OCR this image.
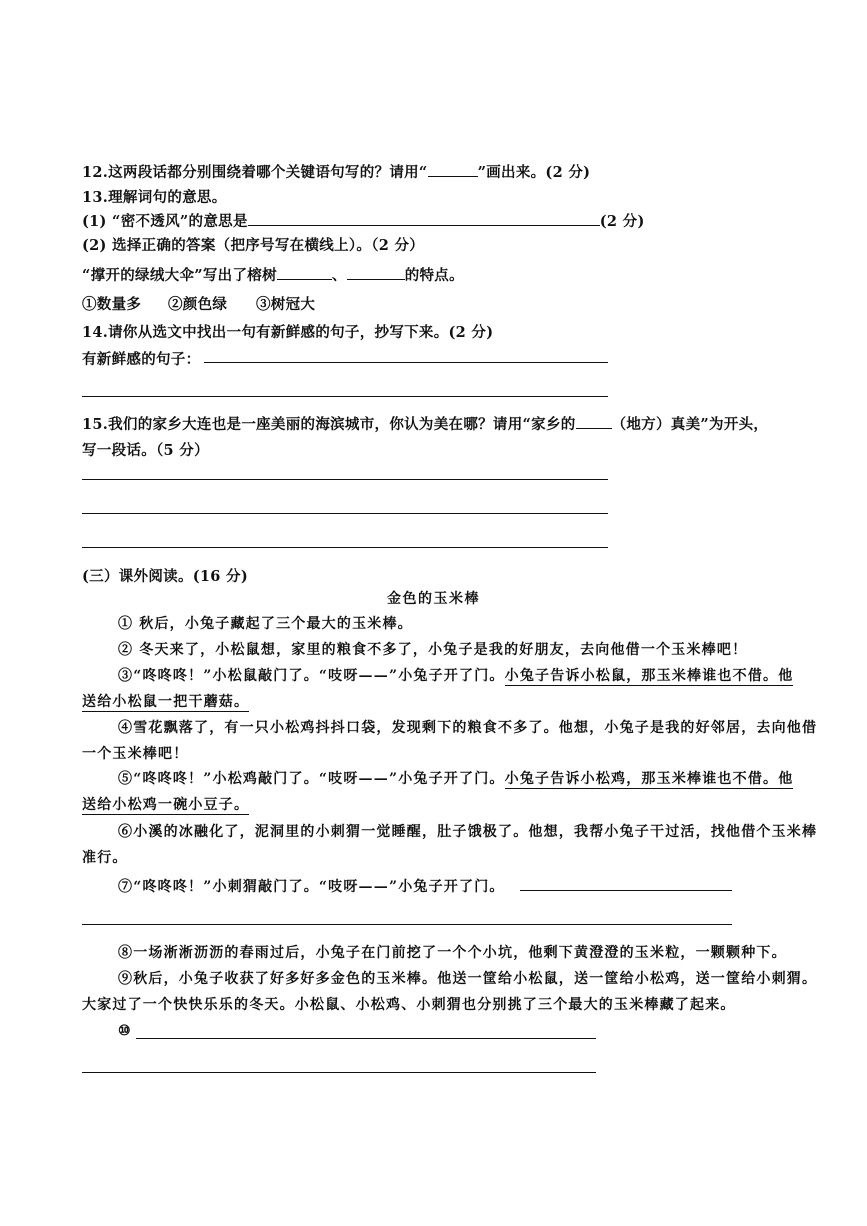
12.这两段话都分别围绕着哪个关键语句写的？请用“	”画出来。(2 分)
13.理解词句的意思。
(1) “密不透风”的意思是	(2 分)
(2) 选择正确的答案（把序号写在横线上）。（2 分）
“撑开的绿绒大伞”写出了榕树	、	的特点。
①数量多 ②颜色绿 ③树冠大
14.请你从选文中找出一句有新鲜感的句子，抄写下来。(2 分)
有新鲜感的句子：
15.我们的家乡大连也是一座美丽的海滨城市，你认为美在哪？请用“家乡的 （地方）真美”为开头，
写一段话。（5 分）
(三）课外阅读。(16 分)
金色的玉米棒
① 秋后，小兔子藏起了三个最大的玉米棒。
② 冬天来了，小松鼠想，家里的粮食不多了，小兔子是我的好朋友，去向他借一个玉米棒吧！
③“咚咚咚！”小松鼠敲门了。“吱呀——”小兔子开了门。小兔子告诉小松鼠，那玉米棒谁也不借。他
送给小松鼠一把干蘑菇。
④雪花飘落了，有一只小松鸡抖抖口袋，发现剩下的粮食不多了。他想，小兔子是我的好邻居，去向他借
一个玉米棒吧！
⑤“咚咚咚！”小松鸡敲门了。“吱呀——”小兔子开了门。小兔子告诉小松鸡，那玉米棒谁也不借。他
送给小松鸡一碗小豆子。
⑥小溪的冰融化了，泥洞里的小刺猬一觉睡醒，肚子饿极了。他想，我帮小兔子干过活，找他借个玉米棒
准行。
⑦“咚咚咚！”小刺猬敲门了。“吱呀——”小兔子开了门。
⑧一场淅淅沥沥的春雨过后，小兔子在门前挖了一个个小坑，他剩下黄澄澄的玉米粒，一颗颗种下。
⑨秋后，小兔子收获了好多好多金色的玉米棒。他送一筐给小松鼠，送一筐给小松鸡，送一筐给小刺猬。
大家过了一个快快乐乐的冬天。小松鼠、小松鸡、小刺猬也分别挑了三个最大的玉米棒藏了起来。
⑩
